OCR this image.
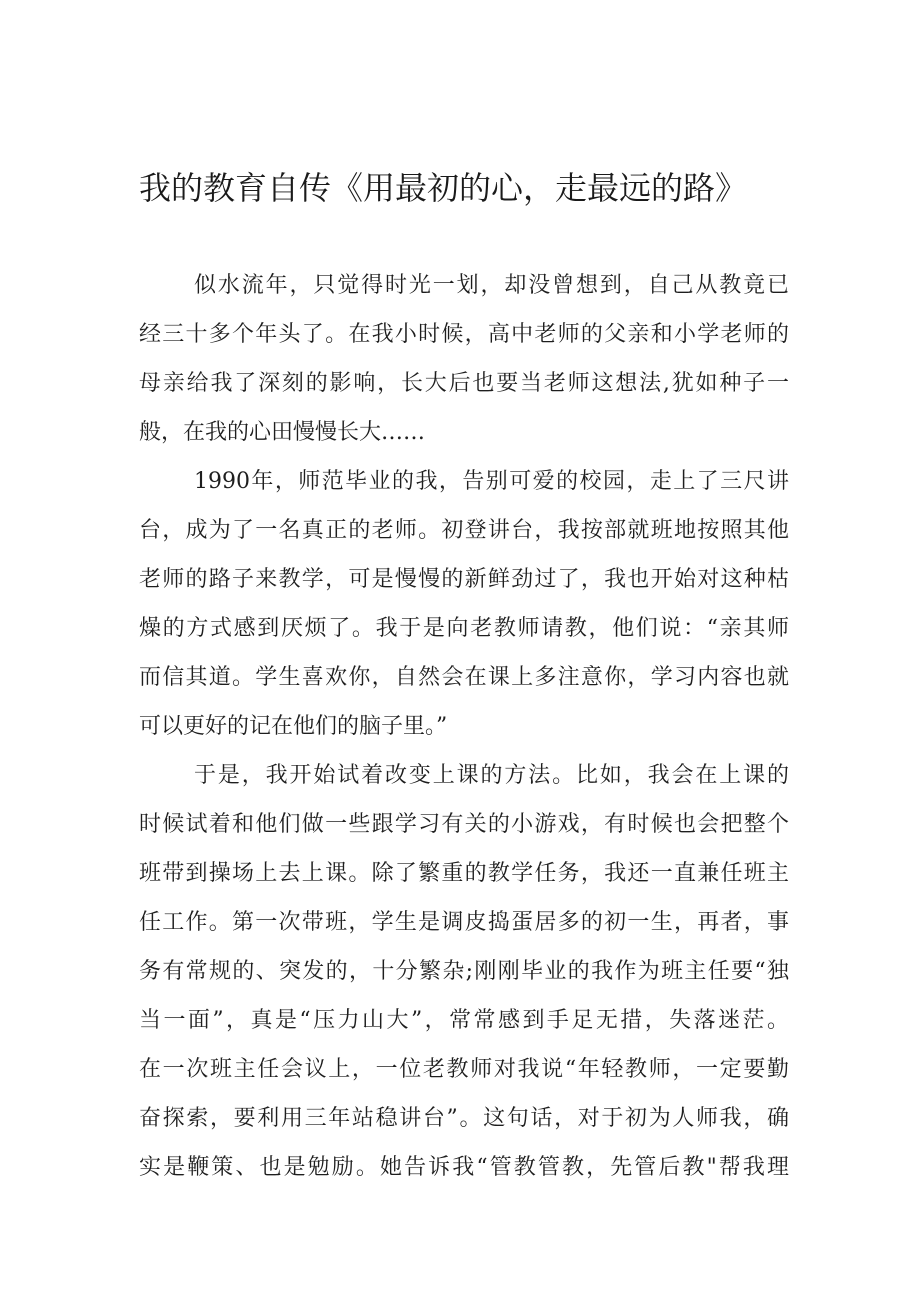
我的教育自传《用最初的心，走最远的路》
似水流年，只觉得时光一划，却没曾想到，自己从教竟已
经三十多个年头了。在我小时候，高中老师的父亲和小学老师的
母亲给我了深刻的影响，长大后也要当老师这想法,犹如种子一
般，在我的心田慢慢长大……
1990年，师范毕业的我，告别可爱的校园，走上了三尺讲
台，成为了一名真正的老师。初登讲台，我按部就班地按照其他
老师的路子来教学，可是慢慢的新鲜劲过了，我也开始对这种枯
燥的方式感到厌烦了。我于是向老教师请教，他们说：“亲其师
而信其道。学生喜欢你，自然会在课上多注意你，学习内容也就
可以更好的记在他们的脑子里。”
于是，我开始试着改变上课的方法。比如，我会在上课的
时候试着和他们做一些跟学习有关的小游戏，有时候也会把整个
班带到操场上去上课。除了繁重的教学任务，我还一直兼任班主
任工作。第一次带班，学生是调皮捣蛋居多的初一生，再者，事
务有常规的、突发的，十分繁杂;刚刚毕业的我作为班主任要“独
当一面”，真是“压力山大”，常常感到手足无措，失落迷茫。
在一次班主任会议上，一位老教师对我说“年轻教师，一定要勤
奋探索，要利用三年站稳讲台”。这句话，对于初为人师我，确
实是鞭策、也是勉励。她告诉我“管教管教，先管后教"帮我理
